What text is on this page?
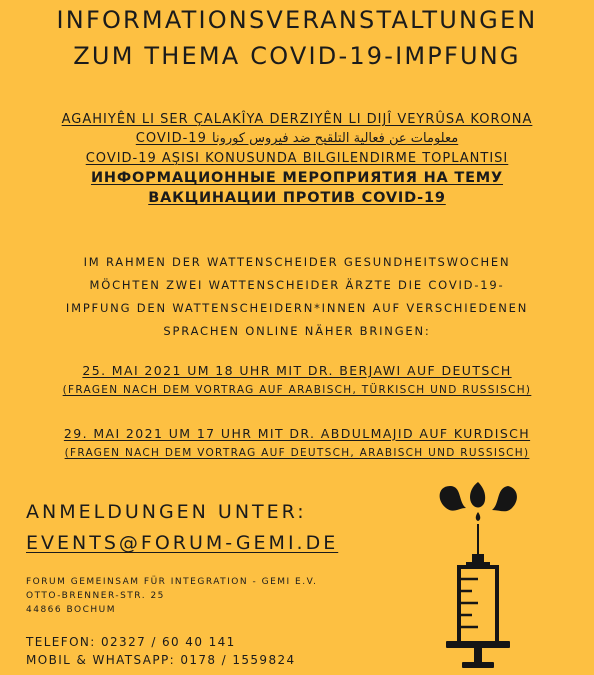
INFORMATIONSVERANSTALTUNGEN
ZUM THEMA COVID-19-IMPFUNG
AGAHIYÊN LI SER ÇALAKÎYA DERZIYÊN LI DIJÎ VEYRÛSA KORONA
COVID-19 معلومات عن فعالية التلقيح ضد فيروس كورونا
COVID-19 AŞISI KONUSUNDA BILGILENDIRME TOPLANTISI
ИНФОРМАЦИОННЫЕ МЕРОПРИЯТИЯ НА ТЕМУ
ВАКЦИНАЦИИ ПРОТИВ COVID-19
IM RAHMEN DER WATTENSCHEIDER GESUNDHEITSWOCHEN
MÖCHTEN ZWEI WATTENSCHEIDER ÄRZTE DIE COVID-19-
IMPFUNG DEN WATTENSCHEIDERN*INNEN AUF VERSCHIEDENEN
SPRACHEN ONLINE NÄHER BRINGEN:
25. MAI 2021 UM 18 UHR MIT DR. BERJAWI AUF DEUTSCH
(FRAGEN NACH DEM VORTRAG AUF ARABISCH, TÜRKISCH UND RUSSISCH)
29. MAI 2021 UM 17 UHR MIT DR. ABDULMAJID AUF KURDISCH
(FRAGEN NACH DEM VORTRAG AUF DEUTSCH, ARABISCH UND RUSSISCH)
ANMELDUNGEN UNTER:
EVENTS@FORUM-GEMI.DE
FORUM GEMEINSAM FÜR INTEGRATION - GEMI E.V.
OTTO-BRENNER-STR. 25
44866 BOCHUM
TELEFON: 02327 / 60 40 141
MOBIL & WHATSAPP: 0178 / 1559824
